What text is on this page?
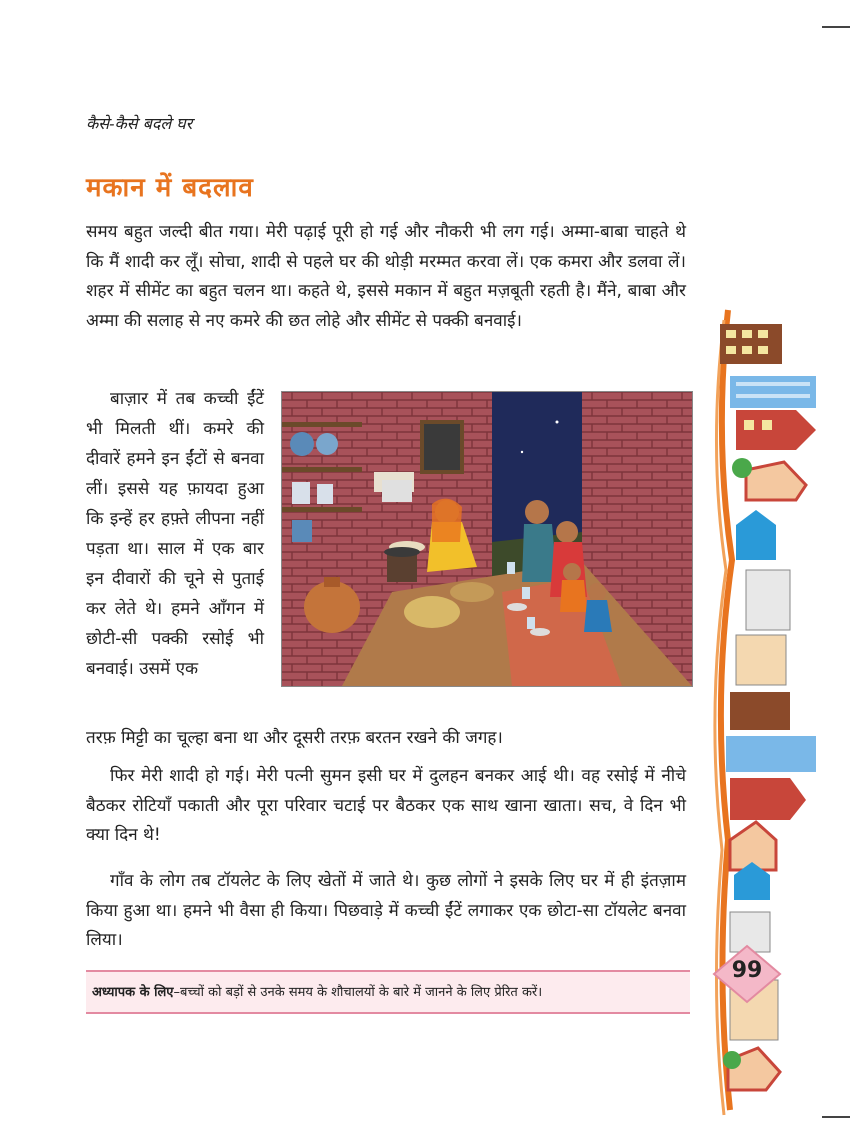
कैसे-कैसे बदले घर
मकान में बदलाव

समय बहुत जल्दी बीत गया। मेरी पढ़ाई पूरी हो गई और नौकरी भी लग गई। अम्मा-बाबा चाहते थे कि मैं शादी कर लूँ। सोचा, शादी से पहले घर की थोड़ी मरम्मत करवा लें। एक कमरा और डलवा लें। शहर में सीमेंट का बहुत चलन था। कहते थे, इससे मकान में बहुत मज़बूती रहती है। मैंने, बाबा और अम्मा की सलाह से नए कमरे की छत लोहे और सीमेंट से पक्की बनवाई।

बाज़ार में तब कच्ची ईंटें भी मिलती थीं। कमरे की दीवारें हमने इन ईंटों से बनवा लीं। इससे यह फ़ायदा हुआ कि इन्हें हर हफ़्ते लीपना नहीं पड़ता था। साल में एक बार इन दीवारों की चूने से पुताई कर लेते थे। हमने आँगन में छोटी-सी पक्की रसोई भी बनवाई। उसमें एक

तरफ़ मिट्टी का चूल्हा बना था और दूसरी तरफ़ बरतन रखने की जगह।

फिर मेरी शादी हो गई। मेरी पत्नी सुमन इसी घर में दुलहन बनकर आई थी। वह रसोई में नीचे बैठकर रोटियाँ पकाती और पूरा परिवार चटाई पर बैठकर एक साथ खाना खाता। सच, वे दिन भी क्या दिन थे!

गाँव के लोग तब टॉयलेट के लिए खेतों में जाते थे। कुछ लोगों ने इसके लिए घर में ही इंतज़ाम किया हुआ था। हमने भी वैसा ही किया। पिछवाड़े में कच्ची ईंटें लगाकर एक छोटा-सा टॉयलेट बनवा लिया।

अध्यापक के लिए–बच्चों को बड़ों से उनके समय के शौचालयों के बारे में जानने के लिए प्रेरित करें।
99
